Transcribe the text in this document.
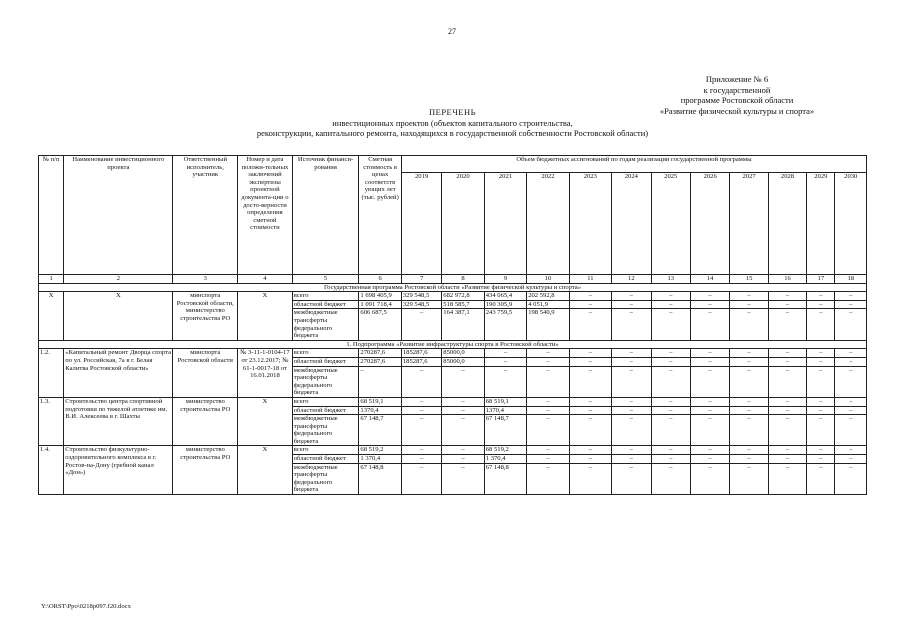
27
Приложение № 6
к государственной
программе Ростовской области
«Развитие физической культуры и спорта»
ПЕРЕЧЕНЬ
инвестиционных проектов (объектов капитального строительства,
реконструкции, капитального ремонта, находящихся в государственной собственности Ростовской области)
№ п/п	Наименование инвестиционного проекта	Ответственный исполнитель, участник	Номер и дата положи-тельных заключений экспертизы проектной документа-ции о досто-верности определения сметной стоимости	Источник финанси-рования	Сметная стоимость в ценах соответств ующих лет (тыс. рублей)	Объем бюджетных ассигнований по годам реализации государственной программы											
						2019	2020	2021	2022	2023	2024	2025	2026	2027	2028	2029	2030
1	2	3	4	5	6	7	8	9	10	11	12	13	14	15	16	17	18
Государственная программа Ростовской области «Развитие физической культуры и спорта»																	
X	X	минспорта Ростовской области, министерство строительства РО	X	всего	1 698 405,9	329 548,5	682 972,8	434 065,4	202 592,8	–	–	–	–	–	–	–	–
				областной бюджет	1 091 718,4	329 548,5	518 585,7	190 305,9	4 051,9	–	–	–	–	–	–	–	–
				межбюджетные трансферты федерального бюджета	606 687,5	–	164 387,1	243 759,5	198 540,9	–	–	–	–	–	–	–	–
1. Подпрограмма «Развитие инфраструктуры спорта в Ростовской области»																	
1.2.	«Капитальный ремонт Дворца спорта по ул. Российская, 7а в г. Белая Калитва Ростовской области»	минспорта Ростовской области	№ 3-11-1-0104-17 от 23.12.2017; № 61-1-0017-18 от 16.01.2018	всего	270287,6	185287,6	85000,0	–	–	–	–	–	–	–	–	–	–
				областной бюджет	270287,6	185287,6	85000,0	–	–	–	–	–	–	–	–	–	–
				межбюджетные трансферты федерального бюджета	–	–	–	–	–	–	–	–	–	–	–	–	–
1.3.	Строительство центра спортивной подготовки по тяжелой атлетике им. В.И. Алексеева в г. Шахты	министерство строительства РО	X	всего	68 519,1	–	–	68 519,1	–	–	–	–	–	–	–	–	–
				областной бюджет	1370,4	–	–	1370,4	–	–	–	–	–	–	–	–	–
				межбюджетные трансферты федерального бюджета	67 148,7	–	–	67 148,7	–	–	–	–	–	–	–	–	–
1.4.	Строительство физкультурно-оздоровительного комплекса в г. Ростов-на-Дону (гребной канал «Дон»)	министерство строительства РО	X	всего	68 519,2	–	–	68 519,2	–	–	–	–	–	–	–	–	–
				областной бюджет	1 370,4	–	–	1 370,4	–	–	–	–	–	–	–	–	–
				межбюджетные трансферты федерального бюджета	67 148,8	–	–	67 148,8	–	–	–	–	–	–	–	–	–
Y:\ORST\Ppo\0218p097.f20.docx
